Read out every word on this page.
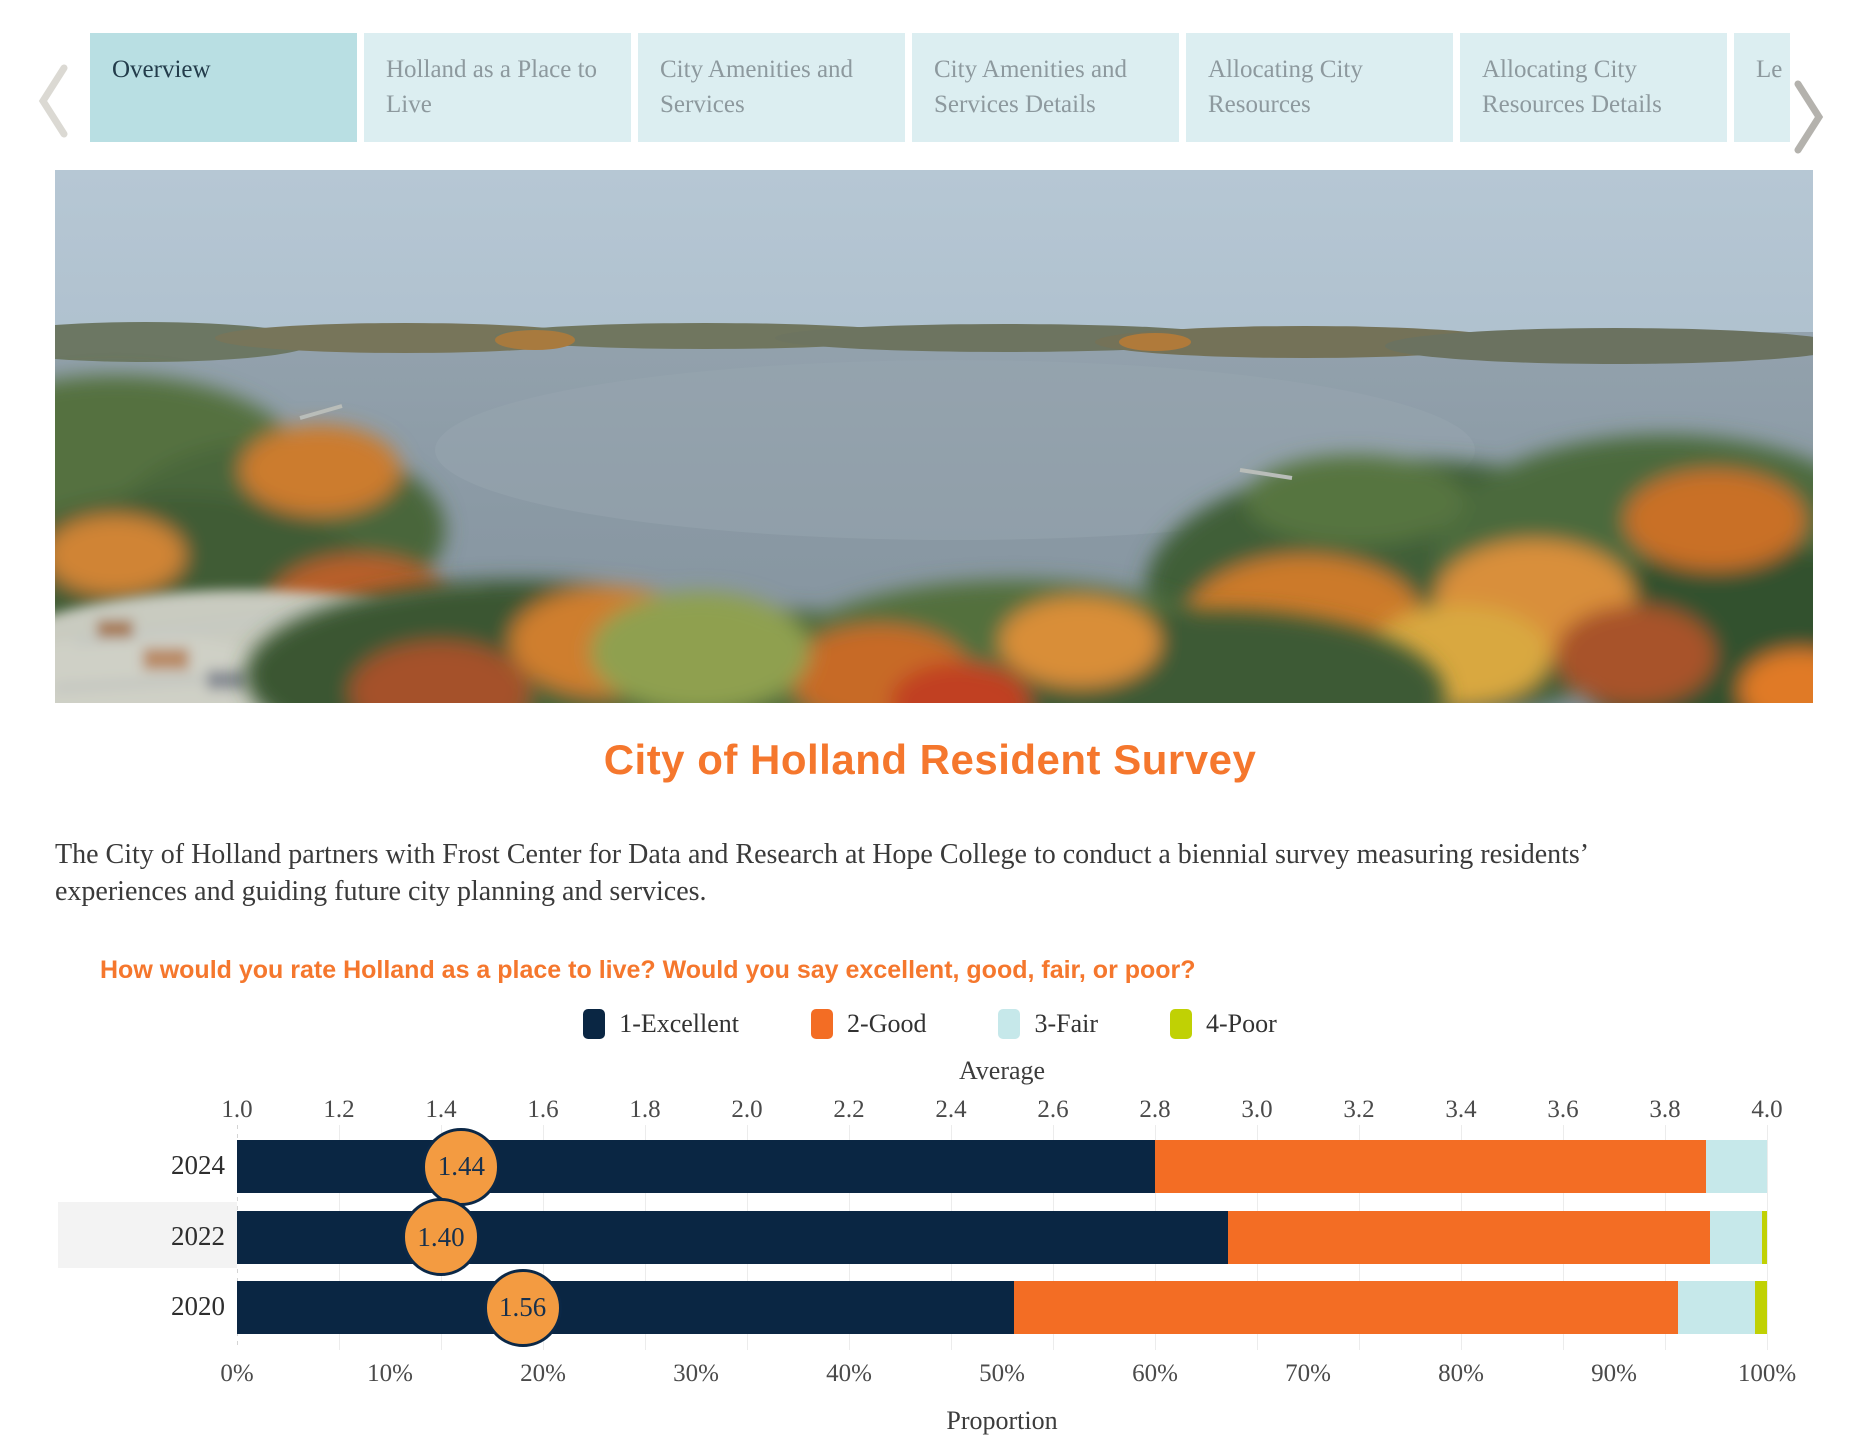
Overview	Holland as a Place to Live
City Amenities and Services
City Amenities and Services Details
Allocating City Resources
Allocating City Resources Details
Le
City of Holland Resident Survey

The City of Holland partners with Frost Center for Data and Research at Hope College to conduct a biennial survey measuring residents’ experiences and guiding future city planning and services.

How would you rate Holland as a place to live? Would you say excellent, good, fair, or poor?
1-Excellent	2-Good	3-Fair	4-Poor
Average
1.0	1.2	1.4	1.6	1.8	2.0	2.2	2.4	2.6	2.8	3.0	3.2	3.4	3.6	3.8	4.0
2024
2022
2020
1.44
1.40
1.56
0%	10%	20%	30%	40%	50%	60%	70%	80%	90%	100%
Proportion
